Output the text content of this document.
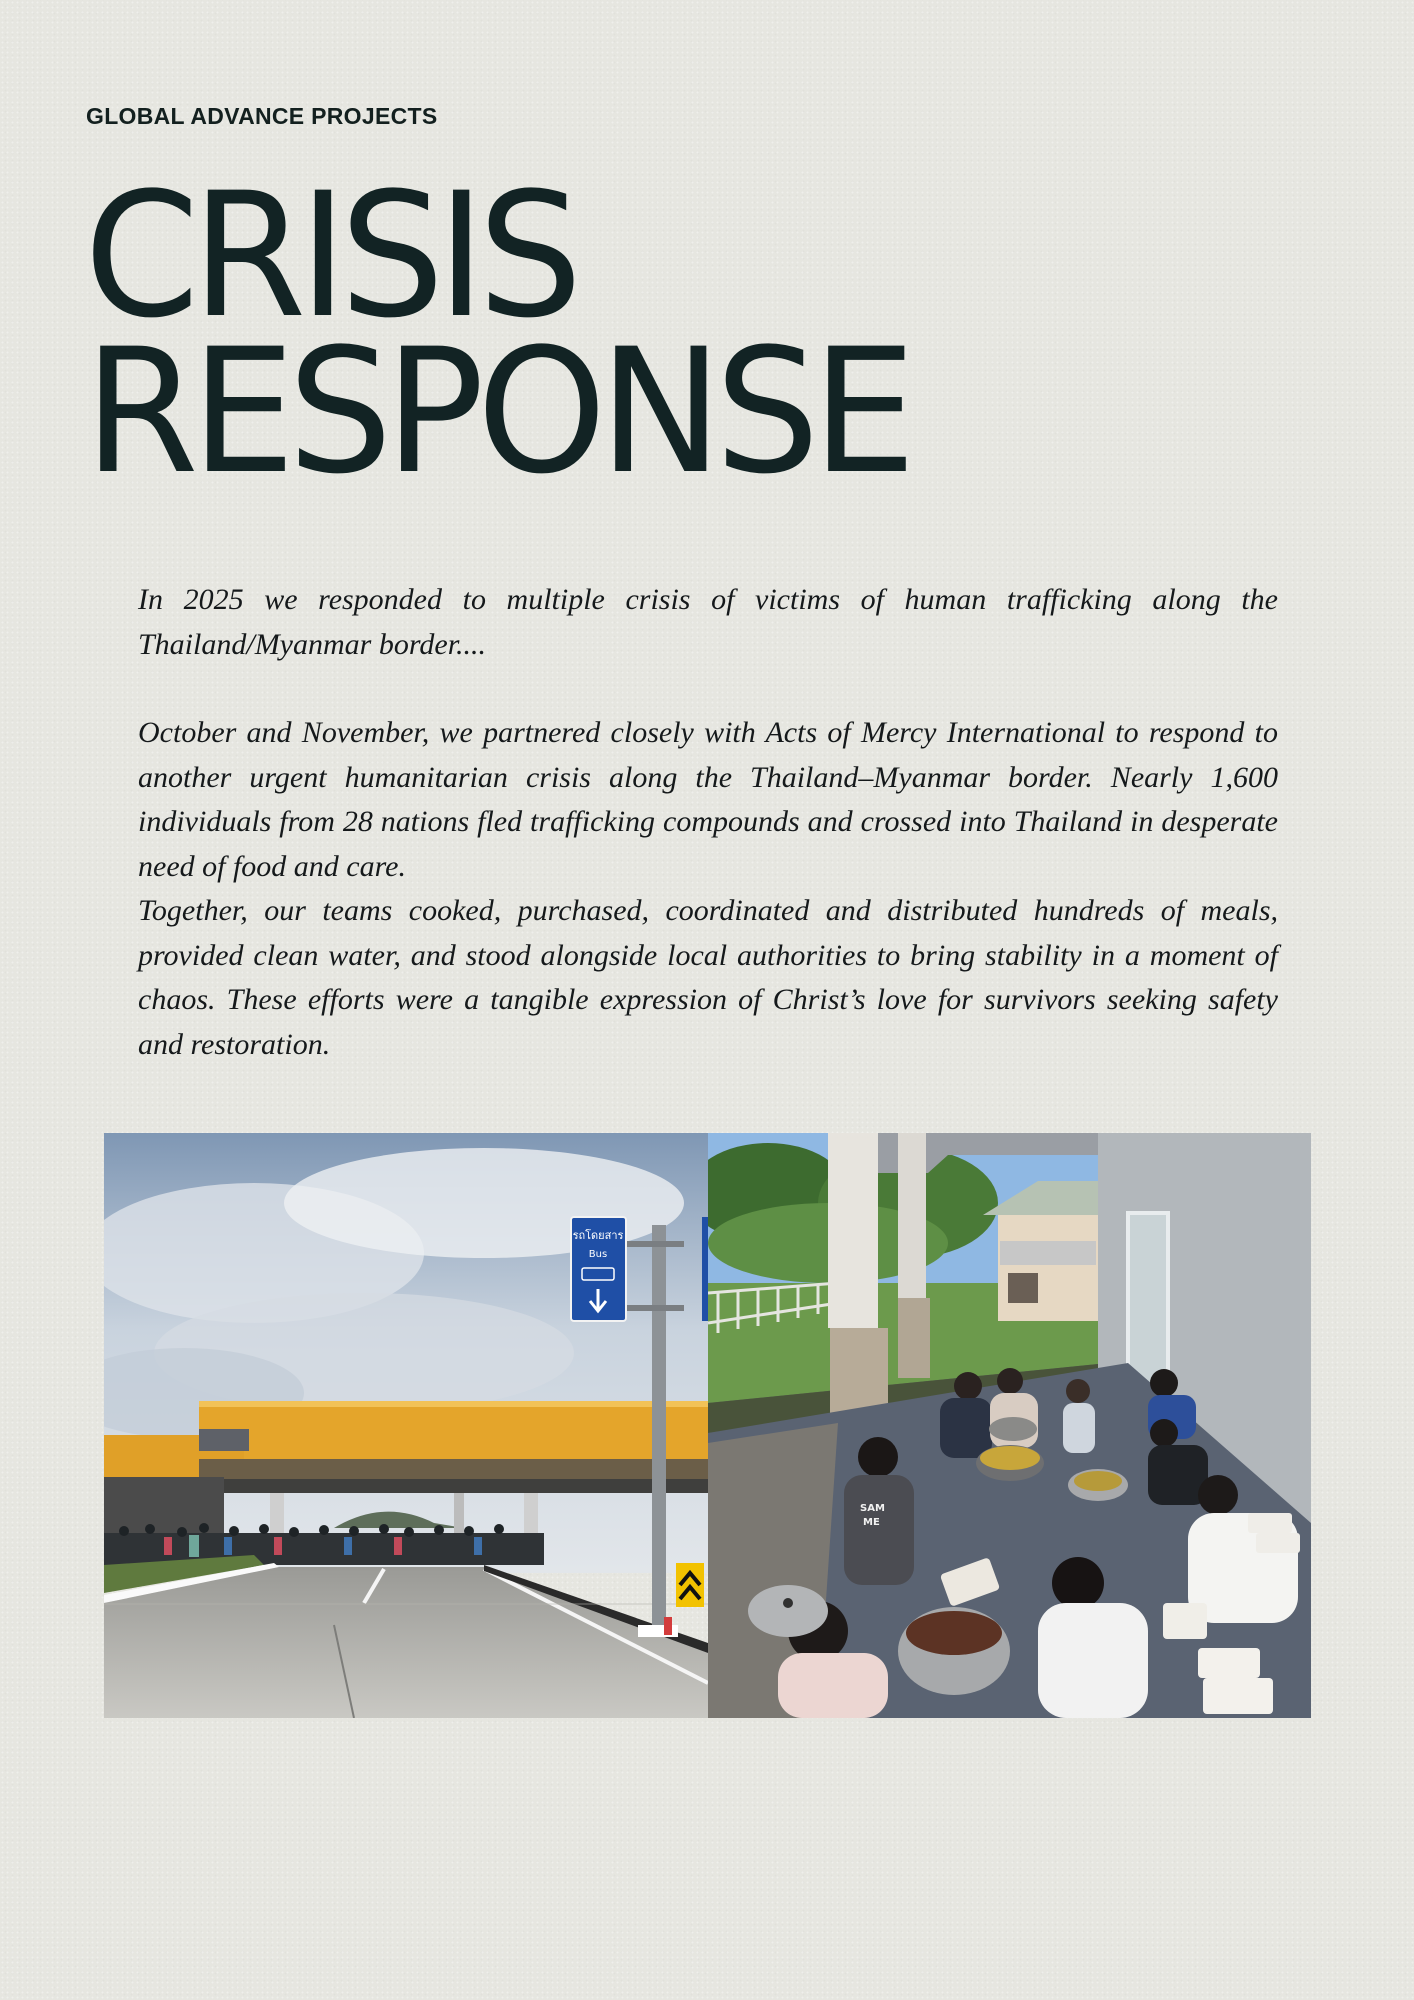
GLOBAL ADVANCE PROJECTS
CRISIS
RESPONSE

In 2025 we responded to multiple crisis of victims of human trafficking along the Thailand/Myanmar border....

October and November, we partnered closely with Acts of Mercy International to respond to another urgent humanitarian crisis along the Thailand–Myanmar border. Nearly 1,600 individuals from 28 nations fled trafficking compounds and crossed into Thailand in desperate need of food and care.

Together, our teams cooked, purchased, coordinated and distributed hundreds of meals, provided clean water, and stood alongside local authorities to bring stability in a moment of chaos. These efforts were a tangible expression of Christ’s love for survivors seeking safety and restoration.

รถโดยสาร
Bus
SAM
ME
